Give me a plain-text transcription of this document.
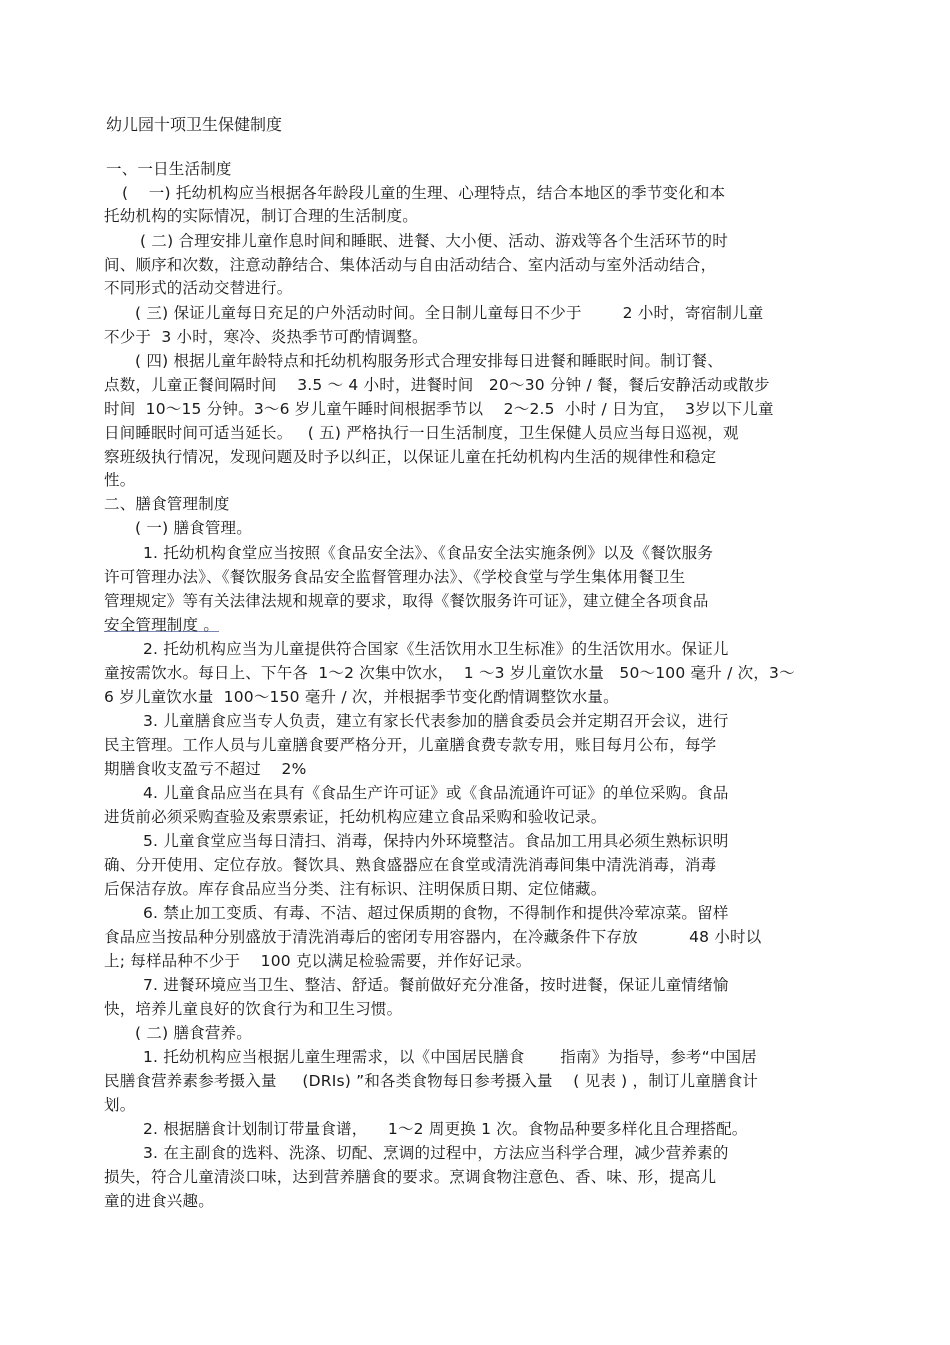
幼儿园十项卫生保健制度
一、一日生活制度
(    一) 托幼机构应当根据各年龄段儿童的生理、心理特点，结合本地区的季节变化和本
托幼机构的实际情况，制订合理的生活制度。
( 二) 合理安排儿童作息时间和睡眠、进餐、大小便、活动、游戏等各个生活环节的时
间、顺序和次数，注意动静结合、集体活动与自由活动结合、室内活动与室外活动结合，
不同形式的活动交替进行。
( 三) 保证儿童每日充足的户外活动时间。全日制儿童每日不少于        2 小时，寄宿制儿童
不少于  3 小时，寒冷、炎热季节可酌情调整。
( 四) 根据儿童年龄特点和托幼机构服务形式合理安排每日进餐和睡眠时间。制订餐、
点数，儿童正餐间隔时间    3.5 ～ 4 小时，进餐时间   20～30 分钟 / 餐，餐后安静活动或散步
时间  10～15 分钟。3～6 岁儿童午睡时间根据季节以    2～2.5  小时 / 日为宜，  3岁以下儿童
日间睡眠时间可适当延长。   ( 五) 严格执行一日生活制度，卫生保健人员应当每日巡视，观
察班级执行情况，发现问题及时予以纠正，以保证儿童在托幼机构内生活的规律性和稳定
性。
二、膳食管理制度
( 一) 膳食管理。
1. 托幼机构食堂应当按照《食品安全法》、《食品安全法实施条例》以及《餐饮服务
许可管理办法》、《餐饮服务食品安全监督管理办法》、《学校食堂与学生集体用餐卫生
管理规定》等有关法律法规和规章的要求，取得《餐饮服务许可证》，建立健全各项食品
安全管理制度 。
2. 托幼机构应当为儿童提供符合国家《生活饮用水卫生标准》的生活饮用水。保证儿
童按需饮水。每日上、下午各  1～2 次集中饮水，  1 ～3 岁儿童饮水量   50～100 毫升 / 次，3～
6 岁儿童饮水量  100～150 毫升 / 次，并根据季节变化酌情调整饮水量。
3. 儿童膳食应当专人负责，建立有家长代表参加的膳食委员会并定期召开会议，进行
民主管理。工作人员与儿童膳食要严格分开，儿童膳食费专款专用，账目每月公布，每学
期膳食收支盈亏不超过    2%
4. 儿童食品应当在具有《食品生产许可证》或《食品流通许可证》的单位采购。食品
进货前必须采购查验及索票索证，托幼机构应建立食品采购和验收记录。
5. 儿童食堂应当每日清扫、消毒，保持内外环境整洁。食品加工用具必须生熟标识明
确、分开使用、定位存放。餐饮具、熟食盛器应在食堂或清洗消毒间集中清洗消毒，消毒
后保洁存放。库存食品应当分类、注有标识、注明保质日期、定位储藏。
6. 禁止加工变质、有毒、不洁、超过保质期的食物，不得制作和提供冷荤凉菜。留样
食品应当按品种分别盛放于清洗消毒后的密闭专用容器内，在冷藏条件下存放          48 小时以
上; 每样品种不少于    100 克以满足检验需要，并作好记录。
7. 进餐环境应当卫生、整洁、舒适。餐前做好充分准备，按时进餐，保证儿童情绪愉
快，培养儿童良好的饮食行为和卫生习惯。
( 二) 膳食营养。
1. 托幼机构应当根据儿童生理需求，以《中国居民膳食       指南》为指导，参考“中国居
民膳食营养素参考摄入量     (DRIs) ”和各类食物每日参考摄入量    ( 见表 ) ，制订儿童膳食计
划。
2. 根据膳食计划制订带量食谱，    1～2 周更换 1 次。食物品种要多样化且合理搭配。
3. 在主副食的选料、洗涤、切配、烹调的过程中，方法应当科学合理，减少营养素的
损失，符合儿童清淡口味，达到营养膳食的要求。烹调食物注意色、香、味、形，提高儿
童的进食兴趣。
